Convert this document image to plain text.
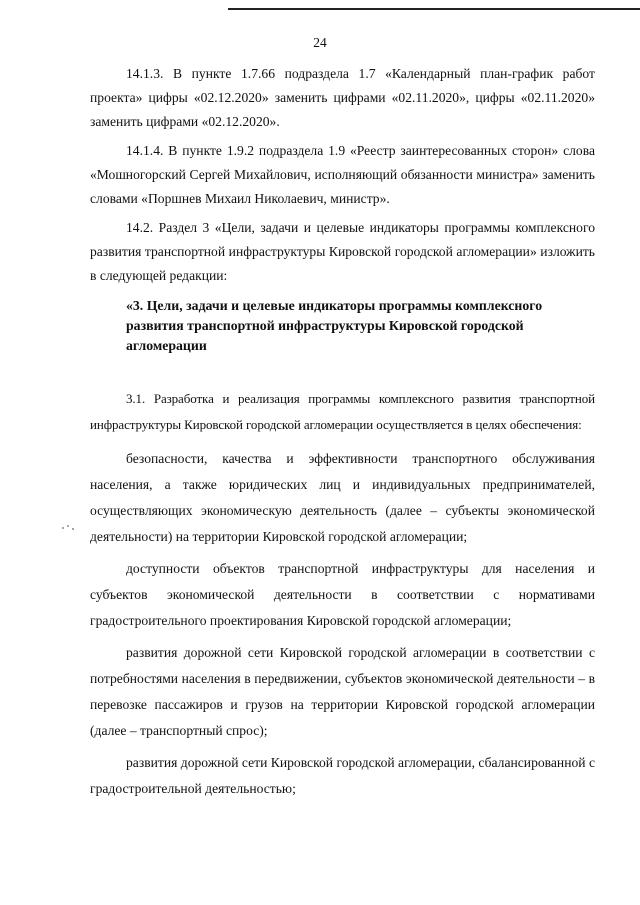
24

14.1.3. В пункте 1.7.66 подраздела 1.7 «Календарный план-график работ проекта» цифры «02.12.2020» заменить цифрами «02.11.2020», цифры «02.11.2020» заменить цифрами «02.12.2020».

14.1.4. В пункте 1.9.2 подраздела 1.9 «Реестр заинтересованных сторон» слова «Мошногорский Сергей Михайлович, исполняющий обязанности министра» заменить словами «Поршнев Михаил Николаевич, министр».

14.2. Раздел 3 «Цели, задачи и целевые индикаторы программы комплексного развития транспортной инфраструктуры Кировской городской агломерации» изложить в следующей редакции:

«3. Цели, задачи и целевые индикаторы программы комплексного развития транспортной инфраструктуры Кировской городской агломерации

3.1. Разработка и реализация программы комплексного развития транспортной инфраструктуры Кировской городской агломерации осуществляется в целях обеспечения:

безопасности, качества и эффективности транспортного обслуживания населения, а также юридических лиц и индивидуальных предпринимателей, осуществляющих экономическую деятельность (далее – субъекты экономической деятельности) на территории Кировской городской агломерации;

доступности объектов транспортной инфраструктуры для населения и субъектов экономической деятельности в соответствии с нормативами градостроительного проектирования Кировской городской агломерации;

развития дорожной сети Кировской городской агломерации в соответствии с потребностями населения в передвижении, субъектов экономической деятельности – в перевозке пассажиров и грузов на территории Кировской городской агломерации (далее – транспортный спрос);

развития дорожной сети Кировской городской агломерации, сбалансированной с градостроительной деятельностью;
